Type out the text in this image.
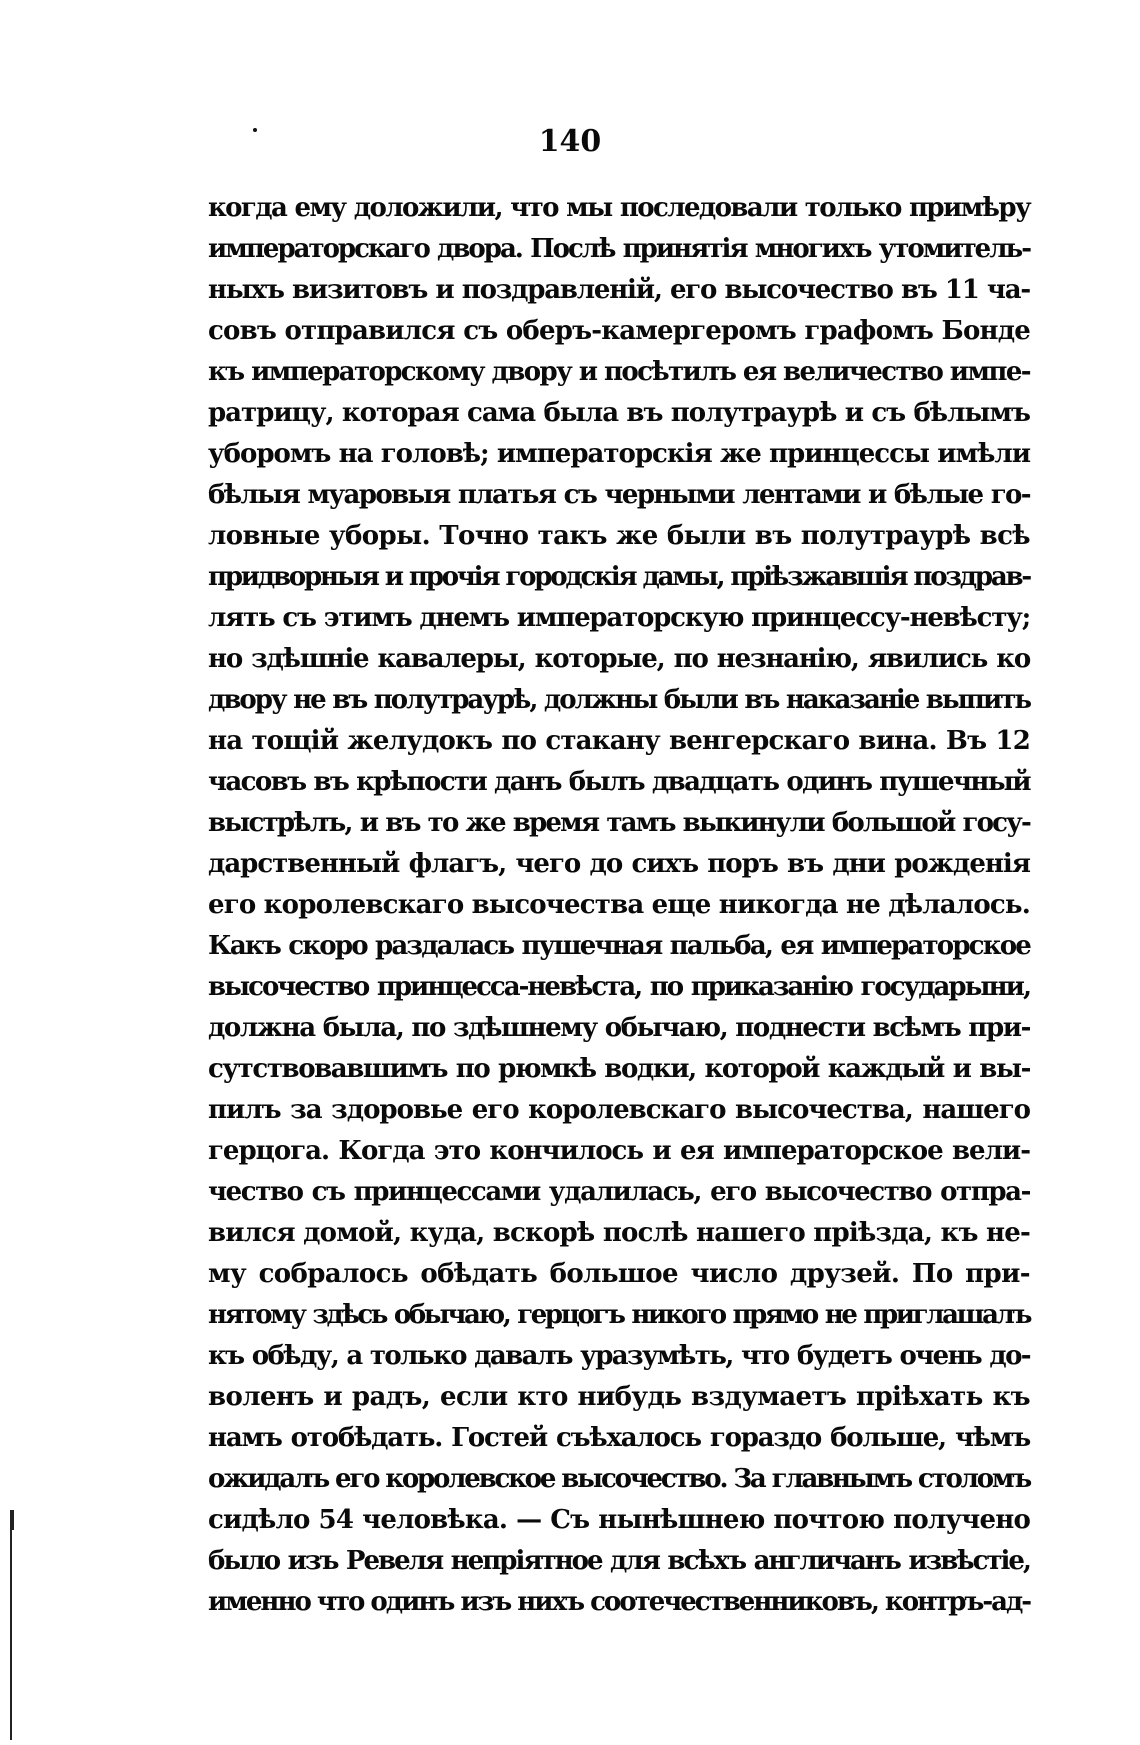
140
когда ему доложили, что мы последовали только примѣру
императорскаго двора. Послѣ принятія многихъ утомитель-
ныхъ визитовъ и поздравленій, его высочество въ 11 ча-
совъ отправился съ оберъ-камергеромъ графомъ Бонде
къ императорскому двору и посѣтилъ ея величество импе-
ратрицу, которая сама была въ полутраурѣ и съ бѣлымъ
уборомъ на головѣ; императорскія же принцессы имѣли
бѣлыя муаровыя платья съ черными лентами и бѣлые го-
ловные уборы. Точно такъ же были въ полутраурѣ всѣ
придворныя и прочія городскія дамы, пріѣзжавшія поздрав-
лять съ этимъ днемъ императорскую принцессу-невѣсту;
но здѣшніе кавалеры, которые, по незнанію, явились ко
двору не въ полутраурѣ, должны были въ наказаніе выпить
на тощій желудокъ по стакану венгерскаго вина. Въ 12
часовъ въ крѣпости данъ былъ двадцать одинъ пушечный
выстрѣлъ, и въ то же время тамъ выкинули большой госу-
дарственный флагъ, чего до сихъ поръ въ дни рожденія
его королевскаго высочества еще никогда не дѣлалось.
Какъ скоро раздалась пушечная пальба, ея императорское
высочество принцесса-невѣста, по приказанію государыни,
должна была, по здѣшнему обычаю, поднести всѣмъ при-
сутствовавшимъ по рюмкѣ водки, которой каждый и вы-
пилъ за здоровье его королевскаго высочества, нашего
герцога. Когда это кончилось и ея императорское вели-
чество съ принцессами удалилась, его высочество отпра-
вился домой, куда, вскорѣ послѣ нашего пріѣзда, къ не-
му собралось обѣдать большое число друзей. По при-
нятому здѣсь обычаю, герцогъ никого прямо не приглашалъ
къ обѣду, а только давалъ уразумѣть, что будетъ очень до-
воленъ и радъ, если кто нибудь вздумаетъ пріѣхать къ
намъ отобѣдать. Гостей съѣхалось гораздо больше, чѣмъ
ожидалъ его королевское высочество. За главнымъ столомъ
сидѣло 54 человѣка. — Съ нынѣшнею почтою получено
было изъ Ревеля непріятное для всѣхъ англичанъ извѣстіе,
именно что одинъ изъ нихъ соотечественниковъ, контръ-ад-
